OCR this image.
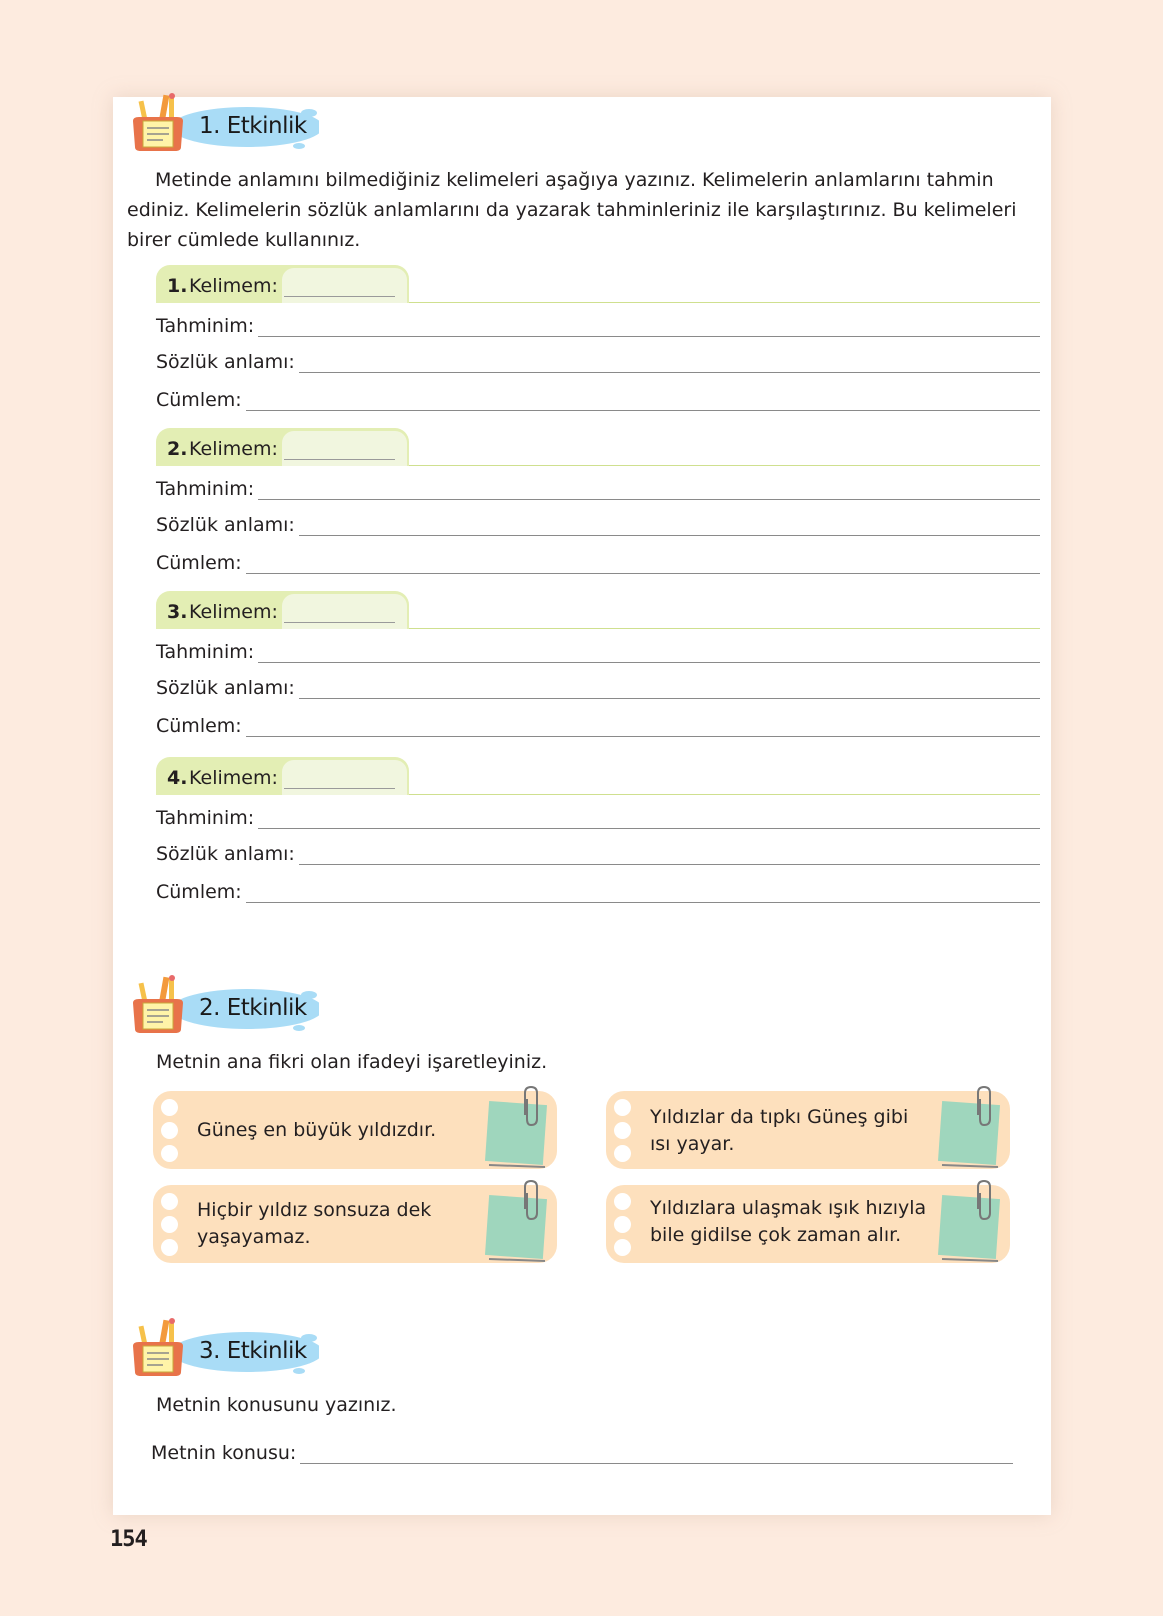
1. Etkinlik
Metinde anlamını bilmediğiniz kelimeleri aşağıya yazınız. Kelimelerin anlamlarını tahmin ediniz. Kelimelerin sözlük anlamlarını da yazarak tahminleriniz ile karşılaştırınız. Bu kelimeleri birer cümlede kullanınız.
1. Kelimem:
Tahminim:
Sözlük anlamı:
Cümlem:
2. Kelimem:
Tahminim:
Sözlük anlamı:
Cümlem:
3. Kelimem:
Tahminim:
Sözlük anlamı:
Cümlem:
4. Kelimem:
Tahminim:
Sözlük anlamı:
Cümlem:
2. Etkinlik
Metnin ana fikri olan ifadeyi işaretleyiniz.
Güneş en büyük yıldızdır.
Yıldızlar da tıpkı Güneş gibi ısı yayar.
Hiçbir yıldız sonsuza dek yaşayamaz.
Yıldızlara ulaşmak ışık hızıyla bile gidilse çok zaman alır.
3. Etkinlik
Metnin konusunu yazınız.
Metnin konusu:
154
